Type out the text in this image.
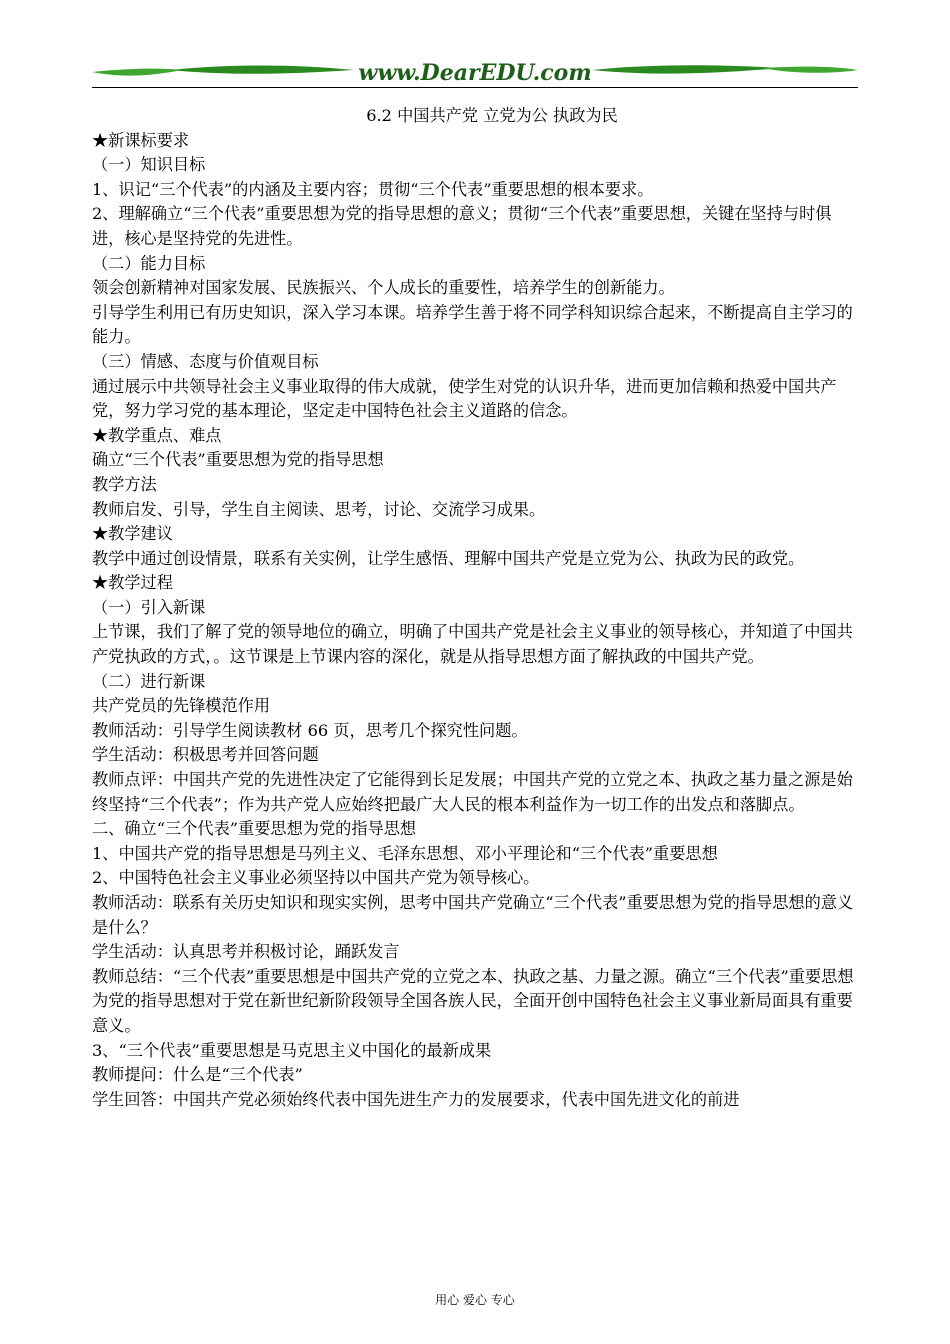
www.DearEDU.com
6.2 中国共产党 立党为公 执政为民
★新课标要求
（一）知识目标
1、识记“三个代表”的内涵及主要内容；贯彻“三个代表”重要思想的根本要求。
2、理解确立“三个代表”重要思想为党的指导思想的意义；贯彻“三个代表”重要思想，关键在坚持与时俱进，核心是坚持党的先进性。
（二）能力目标
领会创新精神对国家发展、民族振兴、个人成长的重要性，培养学生的创新能力。
引导学生利用已有历史知识，深入学习本课。培养学生善于将不同学科知识综合起来，不断提高自主学习的能力。
（三）情感、态度与价值观目标
通过展示中共领导社会主义事业取得的伟大成就，使学生对党的认识升华，进而更加信赖和热爱中国共产党，努力学习党的基本理论，坚定走中国特色社会主义道路的信念。
★教学重点、难点
确立“三个代表”重要思想为党的指导思想
教学方法
教师启发、引导，学生自主阅读、思考，讨论、交流学习成果。
★教学建议
教学中通过创设情景，联系有关实例，让学生感悟、理解中国共产党是立党为公、执政为民的政党。
★教学过程
（一）引入新课
上节课，我们了解了党的领导地位的确立，明确了中国共产党是社会主义事业的领导核心，并知道了中国共产党执政的方式，。这节课是上节课内容的深化，就是从指导思想方面了解执政的中国共产党。
（二）进行新课
共产党员的先锋模范作用
教师活动：引导学生阅读教材 66 页，思考几个探究性问题。
学生活动：积极思考并回答问题
教师点评：中国共产党的先进性决定了它能得到长足发展；中国共产党的立党之本、执政之基力量之源是始终坚持“三个代表”；作为共产党人应始终把最广大人民的根本利益作为一切工作的出发点和落脚点。
二、确立“三个代表”重要思想为党的指导思想
1、中国共产党的指导思想是马列主义、毛泽东思想、邓小平理论和“三个代表”重要思想
2、中国特色社会主义事业必须坚持以中国共产党为领导核心。
教师活动：联系有关历史知识和现实实例，思考中国共产党确立“三个代表”重要思想为党的指导思想的意义是什么？
学生活动：认真思考并积极讨论，踊跃发言
教师总结：“三个代表”重要思想是中国共产党的立党之本、执政之基、力量之源。确立“三个代表”重要思想为党的指导思想对于党在新世纪新阶段领导全国各族人民，全面开创中国特色社会主义事业新局面具有重要意义。
3、“三个代表”重要思想是马克思主义中国化的最新成果
教师提问：什么是“三个代表”
学生回答：中国共产党必须始终代表中国先进生产力的发展要求，代表中国先进文化的前进
用心 爱心 专心
